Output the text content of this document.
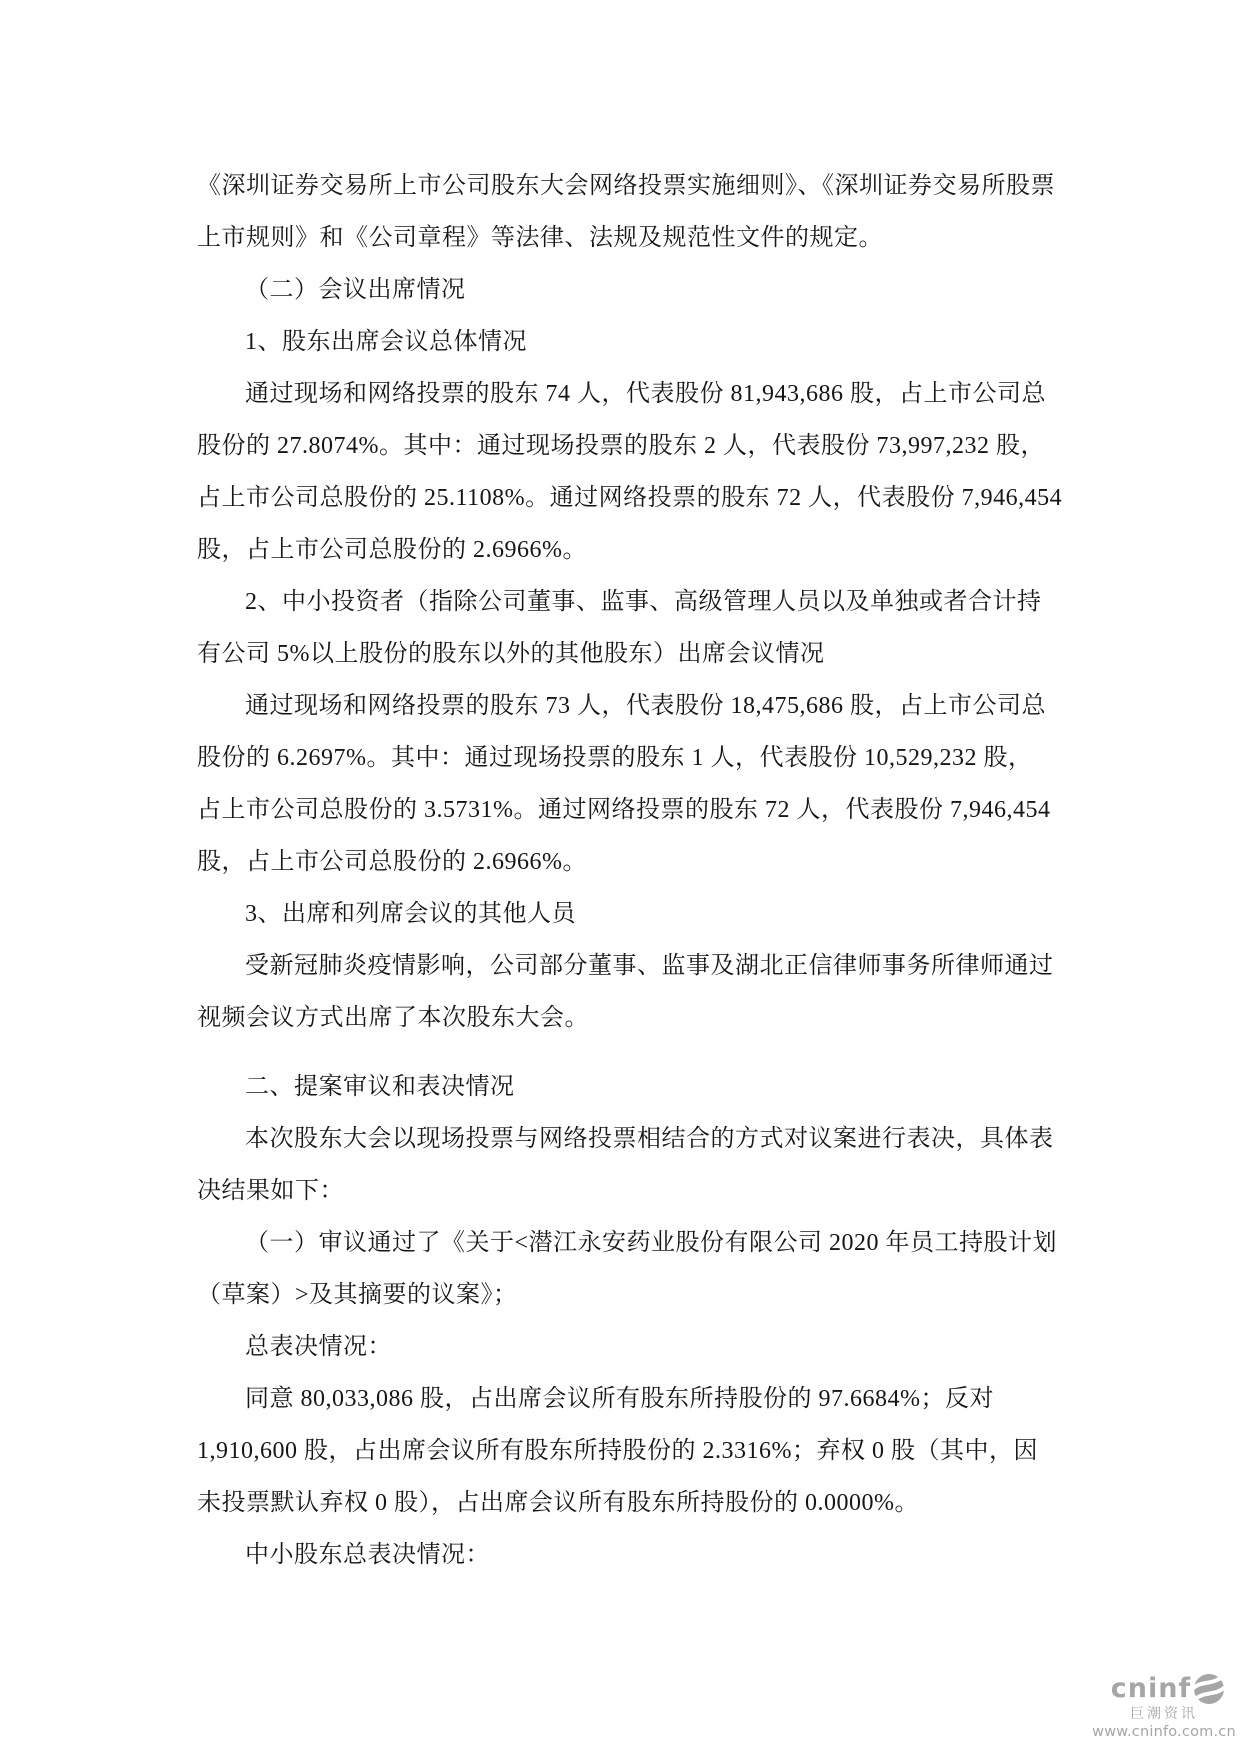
《深圳证券交易所上市公司股东大会网络投票实施细则》、《深圳证券交易所股票
上市规则》和《公司章程》等法律、法规及规范性文件的规定。
（二）会议出席情况
1、股东出席会议总体情况
通过现场和网络投票的股东 74 人，代表股份 81,943,686 股，占上市公司总
股份的 27.8074%。其中：通过现场投票的股东 2 人，代表股份 73,997,232 股，
占上市公司总股份的 25.1108%。通过网络投票的股东 72 人，代表股份 7,946,454
股，占上市公司总股份的 2.6966%。
2、中小投资者（指除公司董事、监事、高级管理人员以及单独或者合计持
有公司 5%以上股份的股东以外的其他股东）出席会议情况
通过现场和网络投票的股东 73 人，代表股份 18,475,686 股，占上市公司总
股份的 6.2697%。其中：通过现场投票的股东 1 人，代表股份 10,529,232 股，
占上市公司总股份的 3.5731%。通过网络投票的股东 72 人，代表股份 7,946,454
股，占上市公司总股份的 2.6966%。
3、出席和列席会议的其他人员
受新冠肺炎疫情影响，公司部分董事、监事及湖北正信律师事务所律师通过
视频会议方式出席了本次股东大会。
二、提案审议和表决情况
本次股东大会以现场投票与网络投票相结合的方式对议案进行表决，具体表
决结果如下：
（一）审议通过了《关于<潜江永安药业股份有限公司 2020 年员工持股计划
（草案）>及其摘要的议案》；
总表决情况：
同意 80,033,086 股，占出席会议所有股东所持股份的 97.6684%；反对
1,910,600 股，占出席会议所有股东所持股份的 2.3316%；弃权 0 股（其中，因
未投票默认弃权 0 股），占出席会议所有股东所持股份的 0.0000%。
中小股东总表决情况：
cninf
巨潮资讯
www.cninfo.com.cn
